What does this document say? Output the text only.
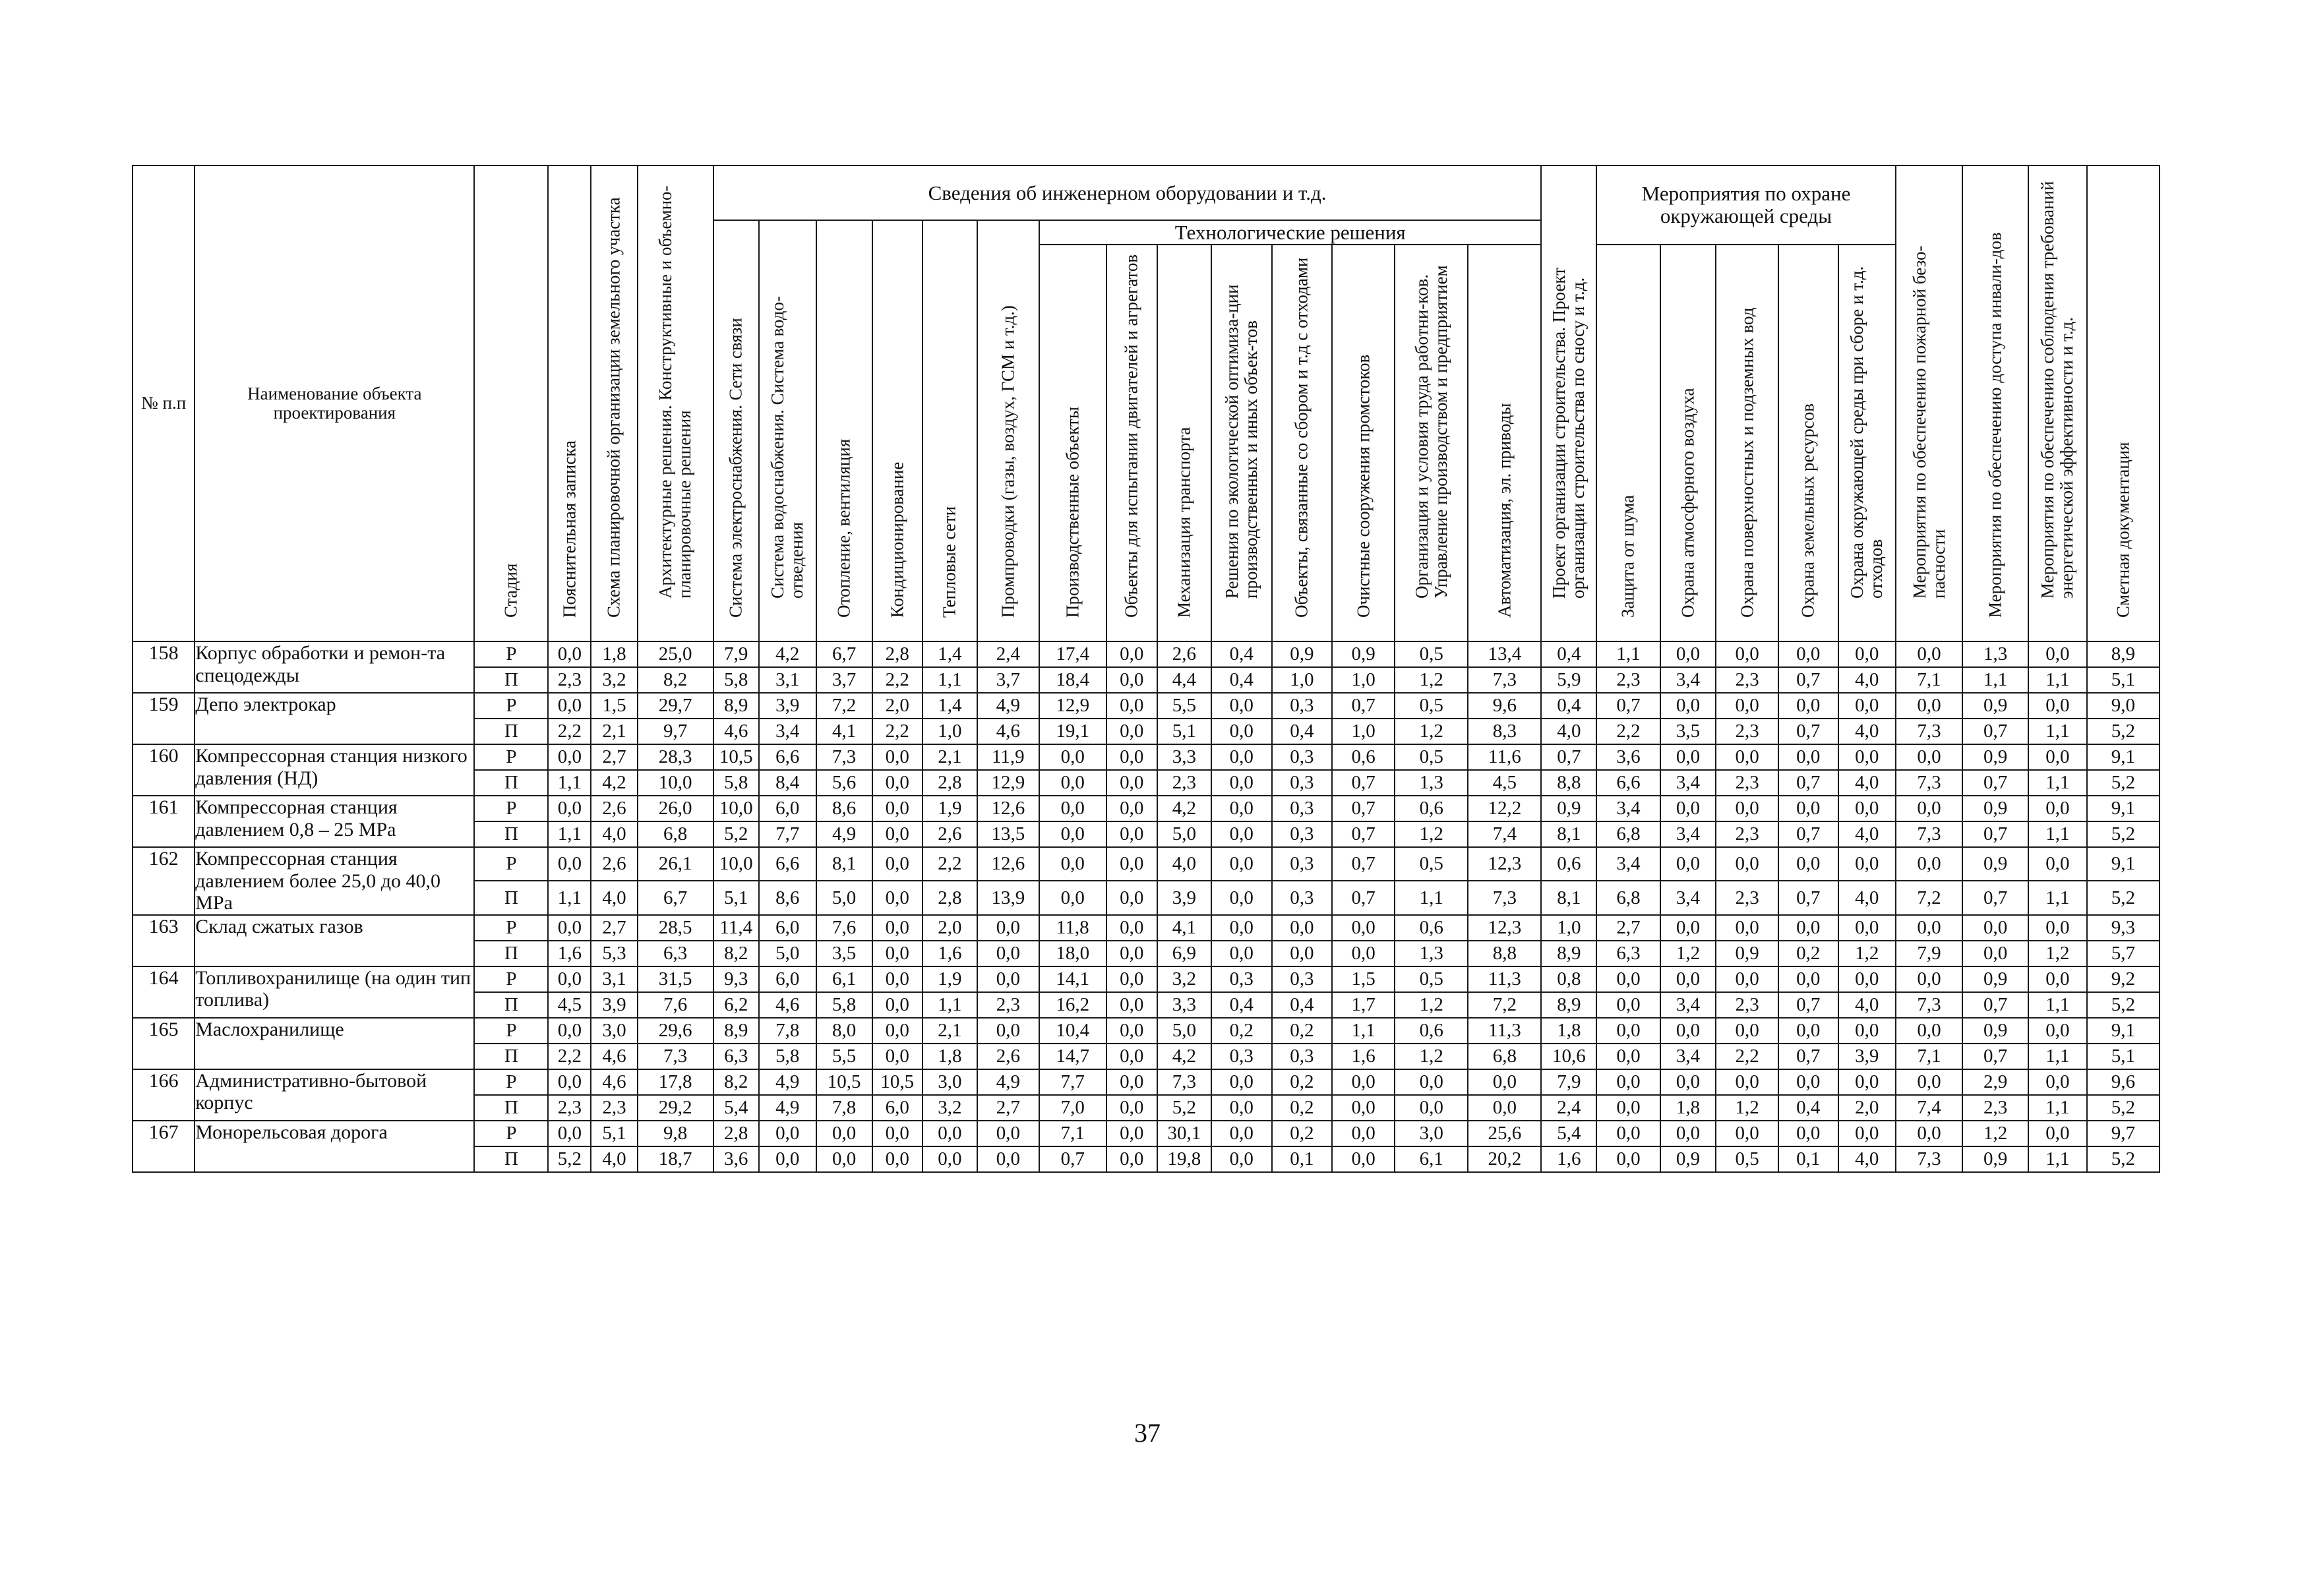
№ п.п	Наименование объекта проектирования	Стадия	Пояснительная записка	Схема планировочной организации земельного участка	Архитектурные решения. Конструктивные и объемно-планировочные решения	Сведения об инженерном оборудовании и т.д.														Проект организации строительства. Проект организации строительства по сносу и т.д.	Мероприятия по охране окружающей среды					Мероприятия по обеспечению пожарной безо-пасности	Мероприятия по обеспечению доступа инвали-дов	Мероприятия по обеспечению соблюдения требований энергетической эффективности и т.д.	Сметная документация

						Система электроснабжения. Сети связи	Система водоснабжения. Система водо-отведения	Отопление, вентиляция	Кондиционирование	Тепловые сети	Промпроводки (газы, воздух, ГСМ и т.д.)	Технологические решения																	

												Производственные объекты	Объекты для испытании двигателей и агрегатов	Механизация транспорта	Решения по экологической оптимиза-ции производственных и иных объек-тов	Объекты, связанные со сбором и т.д с отходами	Очистные сооружения промстоков	Организация и условия труда работни-ков. Управление производством и предприятием	Автоматизация, эл. приводы		Защита от шума	Охрана атмосферного воздуха	Охрана поверхностных и подземных вод	Охрана земельных ресурсов	Охрана окружающей среды при сборе и т.д. отходов				

158	Корпус обработки и ремон-та спецодежды	Р	0,0	1,8	25,0	7,9	4,2	6,7	2,8	1,4	2,4	17,4	0,0	2,6	0,4	0,9	0,9	0,5	13,4	0,4	1,1	0,0	0,0	0,0	0,0	0,0	1,3	0,0	8,9
		П	2,3	3,2	8,2	5,8	3,1	3,7	2,2	1,1	3,7	18,4	0,0	4,4	0,4	1,0	1,0	1,2	7,3	5,9	2,3	3,4	2,3	0,7	4,0	7,1	1,1	1,1	5,1
159	Депо электрокар	Р	0,0	1,5	29,7	8,9	3,9	7,2	2,0	1,4	4,9	12,9	0,0	5,5	0,0	0,3	0,7	0,5	9,6	0,4	0,7	0,0	0,0	0,0	0,0	0,0	0,9	0,0	9,0
		П	2,2	2,1	9,7	4,6	3,4	4,1	2,2	1,0	4,6	19,1	0,0	5,1	0,0	0,4	1,0	1,2	8,3	4,0	2,2	3,5	2,3	0,7	4,0	7,3	0,7	1,1	5,2
160	Компрессорная станция низкого давления (НД)	Р	0,0	2,7	28,3	10,5	6,6	7,3	0,0	2,1	11,9	0,0	0,0	3,3	0,0	0,3	0,6	0,5	11,6	0,7	3,6	0,0	0,0	0,0	0,0	0,0	0,9	0,0	9,1
		П	1,1	4,2	10,0	5,8	8,4	5,6	0,0	2,8	12,9	0,0	0,0	2,3	0,0	0,3	0,7	1,3	4,5	8,8	6,6	3,4	2,3	0,7	4,0	7,3	0,7	1,1	5,2
161	Компрессорная станция давлением 0,8 – 25 МРа	Р	0,0	2,6	26,0	10,0	6,0	8,6	0,0	1,9	12,6	0,0	0,0	4,2	0,0	0,3	0,7	0,6	12,2	0,9	3,4	0,0	0,0	0,0	0,0	0,0	0,9	0,0	9,1
		П	1,1	4,0	6,8	5,2	7,7	4,9	0,0	2,6	13,5	0,0	0,0	5,0	0,0	0,3	0,7	1,2	7,4	8,1	6,8	3,4	2,3	0,7	4,0	7,3	0,7	1,1	5,2
162	Компрессорная станция давлением более 25,0 до 40,0 МРа	Р	0,0	2,6	26,1	10,0	6,6	8,1	0,0	2,2	12,6	0,0	0,0	4,0	0,0	0,3	0,7	0,5	12,3	0,6	3,4	0,0	0,0	0,0	0,0	0,0	0,9	0,0	9,1
		П	1,1	4,0	6,7	5,1	8,6	5,0	0,0	2,8	13,9	0,0	0,0	3,9	0,0	0,3	0,7	1,1	7,3	8,1	6,8	3,4	2,3	0,7	4,0	7,2	0,7	1,1	5,2
163	Склад сжатых газов	Р	0,0	2,7	28,5	11,4	6,0	7,6	0,0	2,0	0,0	11,8	0,0	4,1	0,0	0,0	0,0	0,6	12,3	1,0	2,7	0,0	0,0	0,0	0,0	0,0	0,0	0,0	9,3
		П	1,6	5,3	6,3	8,2	5,0	3,5	0,0	1,6	0,0	18,0	0,0	6,9	0,0	0,0	0,0	1,3	8,8	8,9	6,3	1,2	0,9	0,2	1,2	7,9	0,0	1,2	5,7
164	Топливохранилище (на один тип топлива)	Р	0,0	3,1	31,5	9,3	6,0	6,1	0,0	1,9	0,0	14,1	0,0	3,2	0,3	0,3	1,5	0,5	11,3	0,8	0,0	0,0	0,0	0,0	0,0	0,0	0,9	0,0	9,2
		П	4,5	3,9	7,6	6,2	4,6	5,8	0,0	1,1	2,3	16,2	0,0	3,3	0,4	0,4	1,7	1,2	7,2	8,9	0,0	3,4	2,3	0,7	4,0	7,3	0,7	1,1	5,2
165	Маслохранилище	Р	0,0	3,0	29,6	8,9	7,8	8,0	0,0	2,1	0,0	10,4	0,0	5,0	0,2	0,2	1,1	0,6	11,3	1,8	0,0	0,0	0,0	0,0	0,0	0,0	0,9	0,0	9,1
		П	2,2	4,6	7,3	6,3	5,8	5,5	0,0	1,8	2,6	14,7	0,0	4,2	0,3	0,3	1,6	1,2	6,8	10,6	0,0	3,4	2,2	0,7	3,9	7,1	0,7	1,1	5,1
166	Административно-бытовой корпус	Р	0,0	4,6	17,8	8,2	4,9	10,5	10,5	3,0	4,9	7,7	0,0	7,3	0,0	0,2	0,0	0,0	0,0	7,9	0,0	0,0	0,0	0,0	0,0	0,0	2,9	0,0	9,6
		П	2,3	2,3	29,2	5,4	4,9	7,8	6,0	3,2	2,7	7,0	0,0	5,2	0,0	0,2	0,0	0,0	0,0	2,4	0,0	1,8	1,2	0,4	2,0	7,4	2,3	1,1	5,2
167	Монорельсовая дорога	Р	0,0	5,1	9,8	2,8	0,0	0,0	0,0	0,0	0,0	7,1	0,0	30,1	0,0	0,2	0,0	3,0	25,6	5,4	0,0	0,0	0,0	0,0	0,0	0,0	1,2	0,0	9,7
		П	5,2	4,0	18,7	3,6	0,0	0,0	0,0	0,0	0,0	0,7	0,0	19,8	0,0	0,1	0,0	6,1	20,2	1,6	0,0	0,9	0,5	0,1	4,0	7,3	0,9	1,1	5,2
37
